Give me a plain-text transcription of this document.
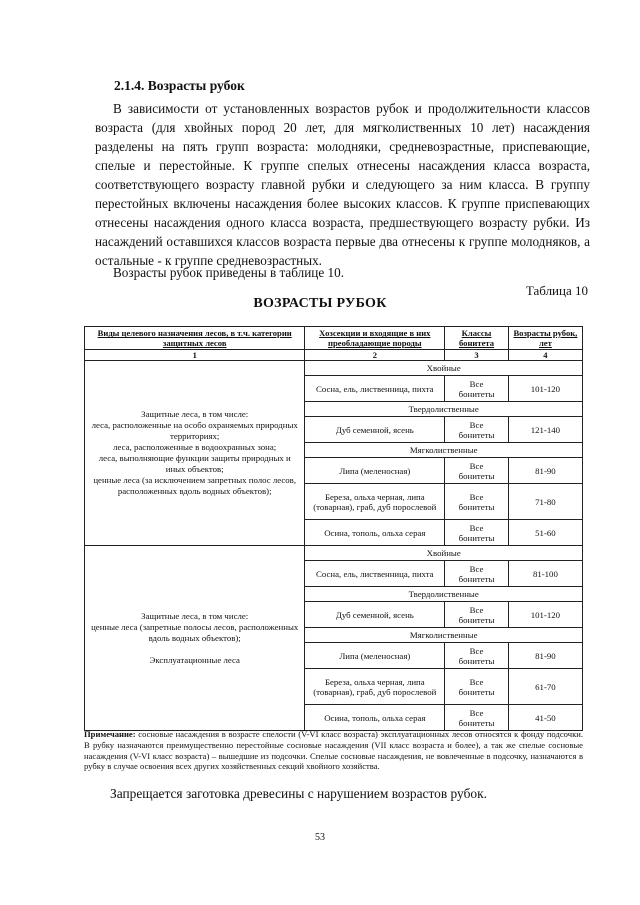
2.1.4. Возрасты рубок

В зависимости от установленных возрастов рубок и продолжительности классов возраста (для хвойных пород 20 лет, для мягколиственных 10 лет) насаждения разделены на пять групп возраста: молодняки, средневозрастные, приспевающие, спелые и перестойные. К группе спелых отнесены насаждения класса возраста, соответствующего возрасту главной рубки и следующего за ним класса. В группу перестойных включены насаждения более высоких классов. К группе приспевающих отнесены насаждения одного класса возраста, предшествующего возрасту рубки. Из насаждений оставшихся классов возраста первые два отнесены к группе молодняков, а остальные - к группе средневозрастных.

Возрасты рубок приведены в таблице 10.

Таблица 10
ВОЗРАСТЫ РУБОК
Виды целевого назначения лесов, в т.ч. категории защитных лесов	Хозсекции и входящие в них преобладающие породы	Классы бонитета	Возрасты рубок, лет
1	2	3	4
Защитные леса, в том числе:
леса, расположенные на особо охраняемых природных территориях;
леса, расположенные в водоохранных зона;
леса, выполняющие функции защиты природных и иных объектов;
ценные леса (за исключением запретных полос лесов, расположенных вдоль водных объектов);	Хвойные		
	Сосна, ель, лиственница, пихта	Все бонитеты	101-120
	Твердолиственные		
	Дуб семенной, ясень	Все бонитеты	121-140
	Мягколиственные		
	Липа (меленосная)	Все бонитеты	81-90
	Береза, ольха черная, липа (товарная), граб, дуб порослевой	Все бонитеты	71-80
	Осина, тополь, ольха серая	Все бонитеты	51-60
Защитные леса, в том числе:
ценные леса (запретные полосы лесов, расположенных вдоль водных объектов);

Эксплуатационные леса	Хвойные		
	Сосна, ель, лиственница, пихта	Все бонитеты	81-100
	Твердолиственные		
	Дуб семенной, ясень	Все бонитеты	101-120
	Мягколиственные		
	Липа (меленосная)	Все бонитеты	81-90
	Береза, ольха черная, липа (товарная), граб, дуб порослевой	Все бонитеты	61-70
	Осина, тополь, ольха серая	Все бонитеты	41-50

Примечание: сосновые насаждения в возрасте спелости (V-VI класс возраста) эксплуатационных лесов относятся к фонду подсочки. В рубку назначаются преимущественно перестойные сосновые насаждения (VII класс возраста и более), а так же спелые сосновые насаждения (V-VI класс возраста) – вышедшие из подсочки. Спелые сосновые насаждения, не вовлеченные в подсочку, назначаются в рубку в случае освоения всех других хозяйственных секций хвойного хозяйства.

Запрещается заготовка древесины с нарушением возрастов рубок.
53
